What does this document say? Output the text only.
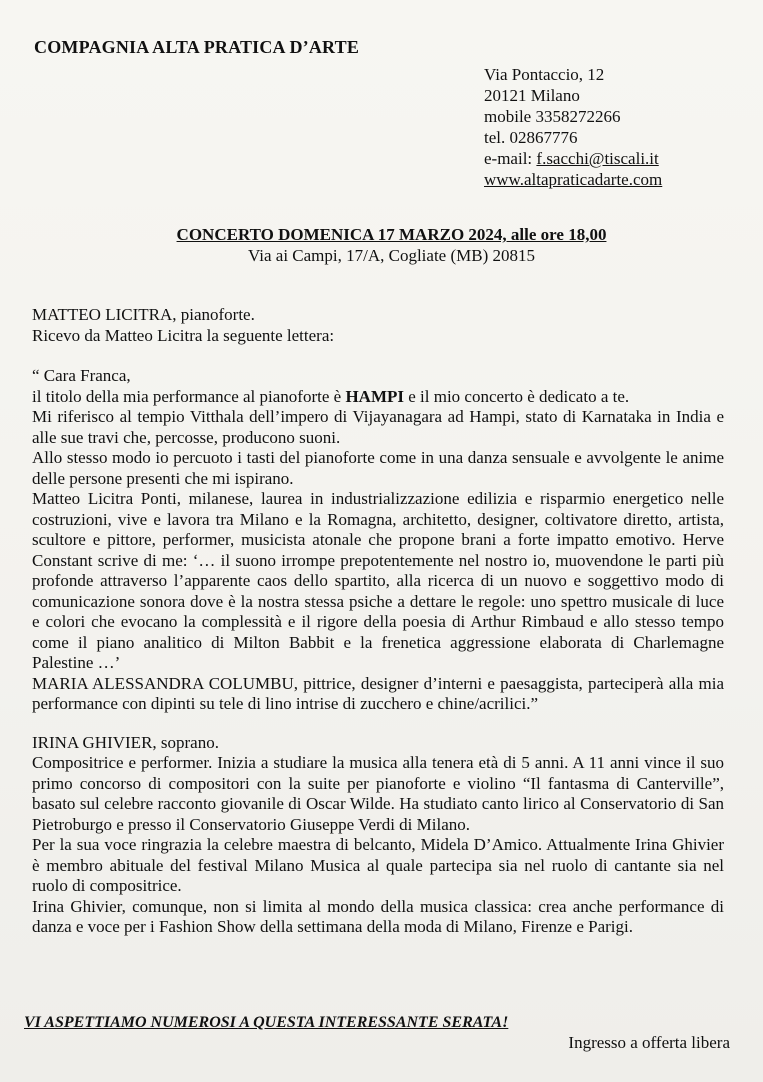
COMPAGNIA ALTA PRATICA D’ARTE
Via Pontaccio, 12
20121 Milano
mobile 3358272266
tel. 02867776
e-mail: f.sacchi@tiscali.it
www.altapraticadarte.com
CONCERTO DOMENICA 17 MARZO 2024, alle ore 18,00
Via ai Campi, 17/A, Cogliate (MB) 20815

MATTEO LICITRA, pianoforte.

Ricevo da Matteo Licitra la seguente lettera:

“ Cara Franca,

il titolo della mia performance al pianoforte è HAMPI e il mio concerto è dedicato a te.

Mi riferisco al tempio Vitthala dell’impero di Vijayanagara ad Hampi, stato di Karnataka in India e alle sue travi che, percosse, producono suoni.

Allo stesso modo io percuoto i tasti del pianoforte come in una danza sensuale e avvolgente le anime delle persone presenti che mi ispirano.

Matteo Licitra Ponti, milanese, laurea in industrializzazione edilizia e risparmio energetico nelle costruzioni, vive e lavora tra Milano e la Romagna, architetto, designer, coltivatore diretto, artista, scultore e pittore, performer, musicista atonale che propone brani a forte impatto emotivo. Herve Constant scrive di me: ‘… il suono irrompe prepotentemente nel nostro io, muovendone le parti più profonde attraverso l’apparente caos dello spartito, alla ricerca di un nuovo e soggettivo modo di comunicazione sonora dove è la nostra stessa psiche a dettare le regole: uno spettro musicale di luce e colori che evocano la complessità e il rigore della poesia di Arthur Rimbaud e allo stesso tempo come il piano analitico di Milton Babbit e la frenetica aggressione elaborata di Charlemagne Palestine …’

MARIA ALESSANDRA COLUMBU, pittrice, designer d’interni e paesaggista, parteciperà alla mia performance con dipinti su tele di lino intrise di zucchero e chine/acrilici.”

IRINA GHIVIER, soprano.

Compositrice e performer. Inizia a studiare la musica alla tenera età di 5 anni. A 11 anni vince il suo primo concorso di compositori con la suite per pianoforte e violino “Il fantasma di Canterville”, basato sul celebre racconto giovanile di Oscar Wilde. Ha studiato canto lirico al Conservatorio di San Pietroburgo e presso il Conservatorio Giuseppe Verdi di Milano.

Per la sua voce ringrazia la celebre maestra di belcanto, Midela D’Amico. Attualmente Irina Ghivier è membro abituale del festival Milano Musica al quale partecipa sia nel ruolo di cantante sia nel ruolo di compositrice.

Irina Ghivier, comunque, non si limita al mondo della musica classica: crea anche performance di danza e voce per i Fashion Show della settimana della moda di Milano, Firenze e Parigi.

VI ASPETTIAMO NUMEROSI A QUESTA INTERESSANTE SERATA!
Ingresso a offerta libera
